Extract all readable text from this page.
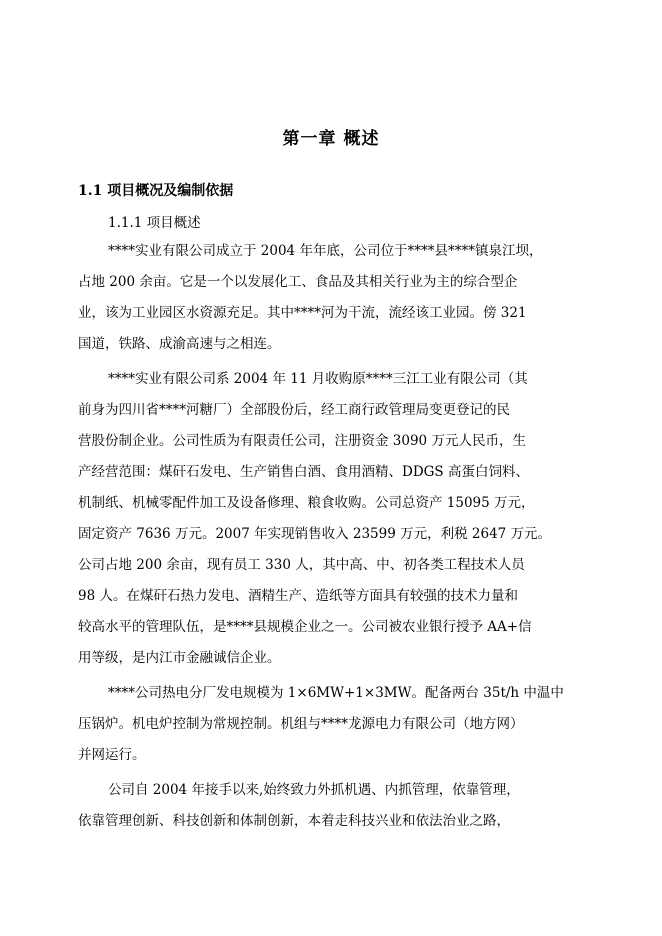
第一章 概述
1.1 项目概况及编制依据
1.1.1 项目概述
****实业有限公司成立于 2004 年年底，公司位于****县****镇泉江坝，
占地 200 余亩。它是一个以发展化工、食品及其相关行业为主的综合型企
业，该为工业园区水资源充足。其中****河为干流，流经该工业园。傍 321
国道，铁路、成渝高速与之相连。
****实业有限公司系 2004 年 11 月收购原****三江工业有限公司（其
前身为四川省****河糖厂）全部股份后，经工商行政管理局变更登记的民
营股份制企业。公司性质为有限责任公司，注册资金 3090 万元人民币，生
产经营范围：煤矸石发电、生产销售白酒、食用酒精、DDGS 高蛋白饲料、
机制纸、机械零配件加工及设备修理、粮食收购。公司总资产 15095 万元，
固定资产 7636 万元。2007 年实现销售收入 23599 万元，利税 2647 万元。
公司占地 200 余亩，现有员工 330 人，其中高、中、初各类工程技术人员
98 人。在煤矸石热力发电、酒精生产、造纸等方面具有较强的技术力量和
较高水平的管理队伍，是****县规模企业之一。公司被农业银行授予 AA+信
用等级，是内江市金融诚信企业。
****公司热电分厂发电规模为 1×6MW+1×3MW。配备两台 35t/h 中温中
压锅炉。机电炉控制为常规控制。机组与****龙源电力有限公司（地方网）
并网运行。
公司自 2004 年接手以来,始终致力外抓机遇、内抓管理，依靠管理，
依靠管理创新、科技创新和体制创新，本着走科技兴业和依法治业之路，
